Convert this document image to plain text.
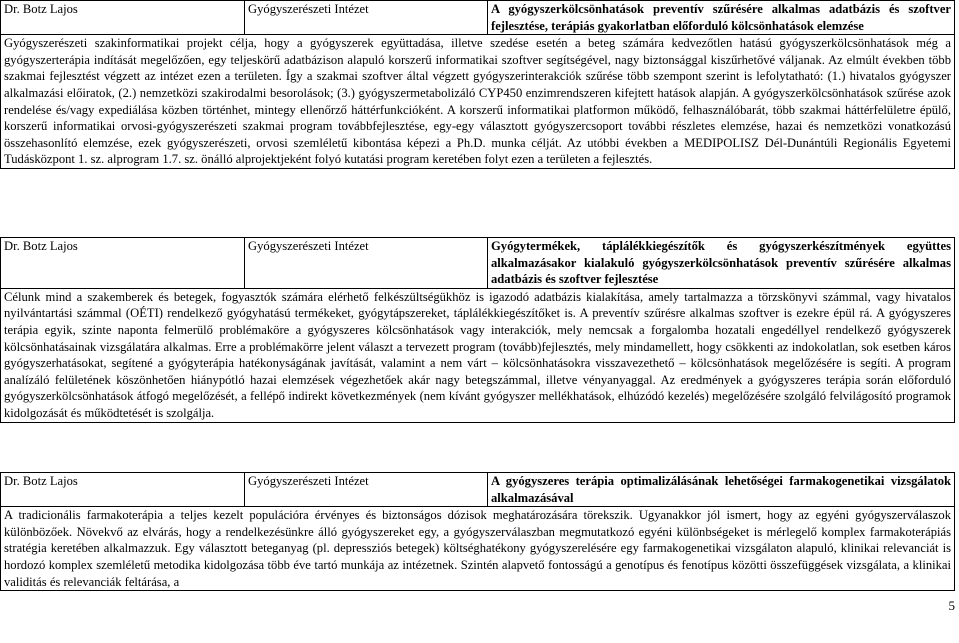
Dr. Botz Lajos	Gyógyszerészeti Intézet	A gyógyszerkölcsönhatások preventív szűrésére alkalmas adatbázis és szoftver fejlesztése, terápiás gyakorlatban előforduló kölcsönhatások elemzése
Gyógyszerészeti szakinformatikai projekt célja, hogy a gyógyszerek együttadása, illetve szedése esetén a beteg számára kedvezőtlen hatású gyógyszerkölcsönhatások még a gyógyszerterápia indítását megelőzően, egy teljeskörű adatbázison alapuló korszerű informatikai szoftver segítségével, nagy biztonsággal kiszűrhetővé váljanak. Az elmúlt években több szakmai fejlesztést végzett az intézet ezen a területen. Így a szakmai szoftver által végzett gyógyszerinterakciók szűrése több szempont szerint is lefolytatható: (1.) hivatalos gyógyszer alkalmazási előiratok, (2.) nemzetközi szakirodalmi besorolások; (3.) gyógyszermetabolizáló CYP450 enzimrendszeren kifejtett hatások alapján. A gyógyszerkölcsönhatások szűrése azok rendelése és/vagy expediálása közben történhet, mintegy ellenőrző háttérfunkcióként. A korszerű informatikai platformon működő, felhasználóbarát, több szakmai háttérfelületre épülő, korszerű informatikai orvosi-gyógyszerészeti szakmai program továbbfejlesztése, egy-egy választott gyógyszercsoport további részletes elemzése, hazai és nemzetközi vonatkozású összehasonlító elemzése, ezek gyógyszerészeti, orvosi szemléletű kibontása képezi a Ph.D. munka célját. Az utóbbi években a MEDIPOLISZ Dél-Dunántúli Regionális Egyetemi Tudásközpont 1. sz. alprogram 1.7. sz. önálló alprojektjeként folyó kutatási program keretében folyt ezen a területen a fejlesztés.
Dr. Botz Lajos	Gyógyszerészeti Intézet	Gyógytermékek, táplálékkiegészítők és gyógyszerkészítmények együttes alkalmazásakor kialakuló gyógyszerkölcsönhatások preventív szűrésére alkalmas adatbázis és szoftver fejlesztése
Célunk mind a szakemberek és betegek, fogyasztók számára elérhető felkészültségükhöz is igazodó adatbázis kialakítása, amely tartalmazza a törzskönyvi számmal, vagy hivatalos nyilvántartási számmal (OÉTI) rendelkező gyógyhatású termékeket, gyógytápszereket, táplálékkiegészítőket is. A preventív szűrésre alkalmas szoftver is ezekre épül rá. A gyógyszeres terápia egyik, szinte naponta felmerülő problémaköre a gyógyszeres kölcsönhatások vagy interakciók, mely nemcsak a forgalomba hozatali engedéllyel rendelkező gyógyszerek kölcsönhatásainak vizsgálatára alkalmas. Erre a problémakörre jelent választ a tervezett program (tovább)fejlesztés, mely mindamellett, hogy csökkenti az indokolatlan, sok esetben káros gyógyszerhatásokat, segítené a gyógyterápia hatékonyságának javítását, valamint a nem várt – kölcsönhatásokra visszavezethető – kölcsönhatások megelőzésére is segíti. A program analízáló felületének köszönhetően hiánypótló hazai elemzések végezhetőek akár nagy betegszámmal, illetve vényanyaggal. Az eredmények a gyógyszeres terápia során előforduló gyógyszerkölcsönhatások átfogó megelőzését, a fellépő indirekt következmények (nem kívánt gyógyszer mellékhatások, elhúzódó kezelés) megelőzésére szolgáló felvilágosító programok kidolgozását és működtetését is szolgálja.
Dr. Botz Lajos	Gyógyszerészeti Intézet	A gyógyszeres terápia optimalizálásának lehetőségei farmakogenetikai vizsgálatok alkalmazásával
A tradicionális farmakoterápia a teljes kezelt populációra érvényes és biztonságos dózisok meghatározására törekszik. Ugyanakkor jól ismert, hogy az egyéni gyógyszerválaszok különbözőek. Növekvő az elvárás, hogy a rendelkezésünkre álló gyógyszereket egy, a gyógyszerválaszban megmutatkozó egyéni különbségeket is mérlegelő komplex farmakoterápiás stratégia keretében alkalmazzuk. Egy választott beteganyag (pl. depressziós betegek) költséghatékony gyógyszerelésére egy farmakogenetikai vizsgálaton alapuló, klinikai relevanciát is hordozó komplex szemléletű metodika kidolgozása több éve tartó munkája az intézetnek. Szintén alapvető fontosságú a genotípus és fenotípus közötti összefüggések vizsgálata, a klinikai validitás és relevanciák feltárása, a
5
